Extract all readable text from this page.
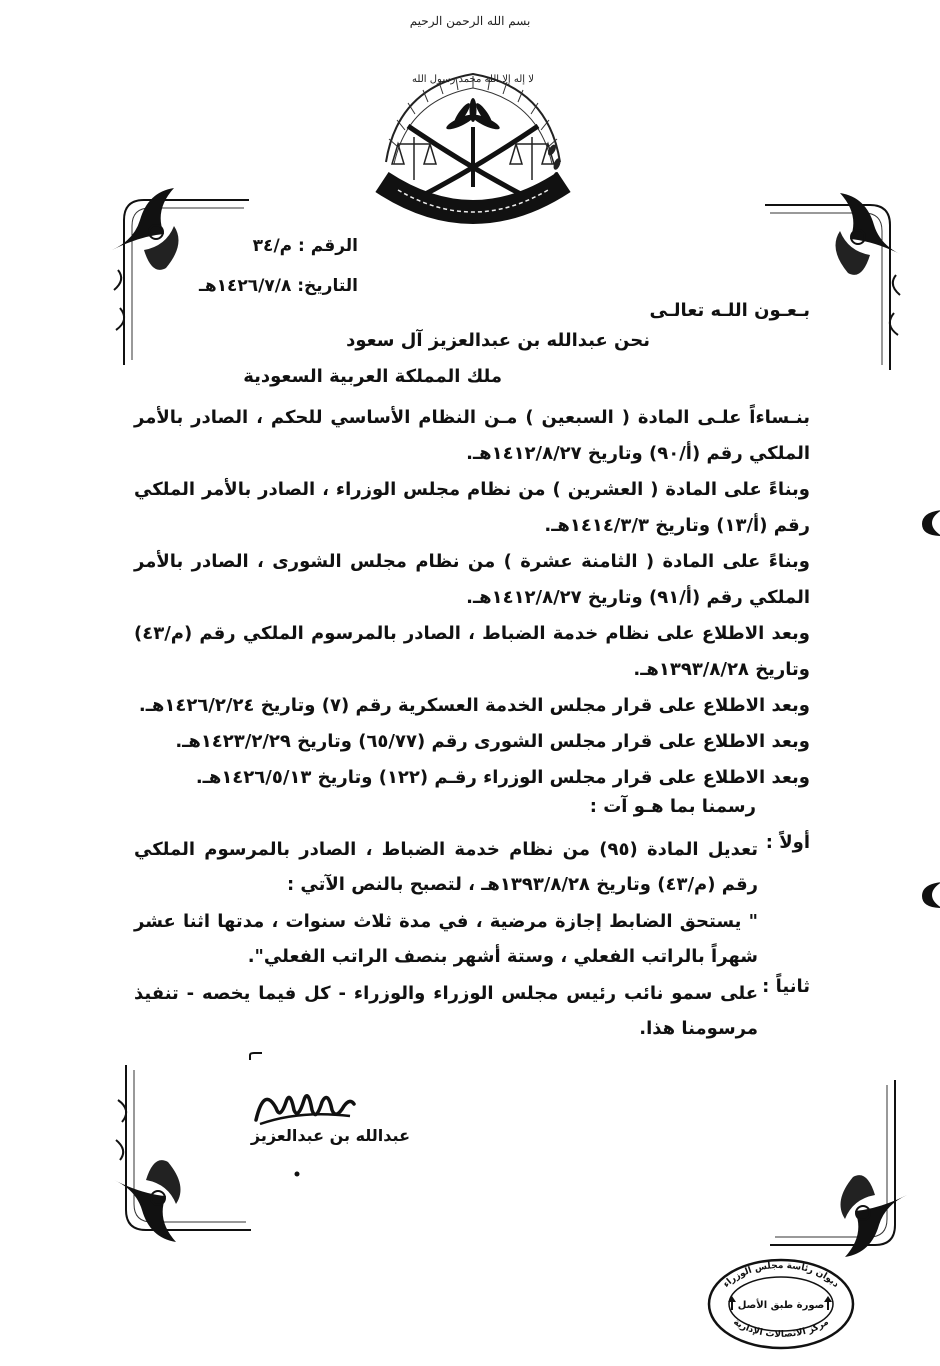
بسم الله الرحمن الرحيم
لا إله إلا الله محمد رسول الله
الرقم : م/٣٤
التاريخ: ١٤٢٦/٧/٨هـ
بـعـون اللـه تعالـى
نحن عبدالله بن عبدالعزيز آل سعود
ملك المملكة العربية السعودية
بنـساءاً علـى المادة ( السبعين ) مـن النظام الأساسي للحكم ، الصادر بالأمر الملكي رقم (أ/٩٠) وتاريخ ١٤١٢/٨/٢٧هـ.
وبناءً على المادة ( العشرين ) من نظام مجلس الوزراء ، الصادر بالأمر الملكي رقم (أ/١٣) وتاريخ ١٤١٤/٣/٣هـ.
وبناءً على المادة ( الثامنة عشرة ) من نظام مجلس الشورى ، الصادر بالأمر الملكي رقم (أ/٩١) وتاريخ ١٤١٢/٨/٢٧هـ.
وبعد الاطلاع على نظام خدمة الضباط ، الصادر بالمرسوم الملكي رقم (م/٤٣) وتاريخ ١٣٩٣/٨/٢٨هـ.
وبعد الاطلاع على قرار مجلس الخدمة العسكرية رقم (٧) وتاريخ ١٤٢٦/٢/٢٤هـ.
وبعد الاطلاع على قرار مجلس الشورى رقم (٦٥/٧٧) وتاريخ ١٤٢٣/٢/٢٩هـ.
وبعد الاطلاع على قرار مجلس الوزراء رقـم (١٢٢) وتاريخ ١٤٢٦/٥/١٣هـ.
رسمنا بما هـو آت :
أولاً :
تعديل المادة (٩٥) من نظام خدمة الضباط ، الصادر بالمرسوم الملكي رقم (م/٤٣) وتاريخ ١٣٩٣/٨/٢٨هـ ، لتصبح بالنص الآتي :
" يستحق الضابط إجازة مرضية ، في مدة ثلاث سنوات ، مدتها اثنا عشر شهراً بالراتب الفعلي ، وستة أشهر بنصف الراتب الفعلي".
ثانياً :
على سمو نائب رئيس مجلس الوزراء والوزراء - كل فيما يخصه - تنفيذ مرسومنا هذا.
عبدالله بن عبدالعزيز
ديوان رئاسة مجلس الوزراء
مركز الاتصالات الإدارية
صورة طبق الأصل
